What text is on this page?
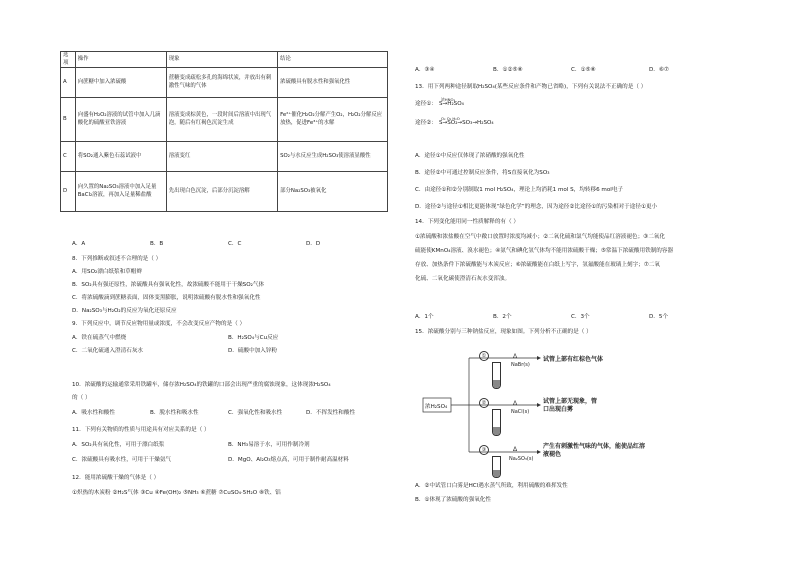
选项	操作	现象	结论
A	向蔗糖中加入浓硫酸	蔗糖变成疏松多孔的海绵状炭，并放出有刺激性气味的气体	浓硫酸具有脱水性和强氧化性
B	向盛有H₂O₂溶液的试管中加入几滴酸化的硫酸亚铁溶液	溶液变成棕黄色，一段时间后溶液中出现气泡，随后有红褐色沉淀生成	Fe²⁺催化H₂O₂分解产生O₂，H₂O₂分解反应放热，促进Fe³⁺的水解
C	将SO₂通入紫色石蕊试液中	溶液变红	SO₂与水反应生成H₂SO₃使溶液显酸性
D	向久置的Na₂SO₃溶液中加入足量BaCl₂溶液，再加入足量稀盐酸	先出现白色沉淀，后部分沉淀溶解	部分Na₂SO₃被氧化
A．A	B．B	C．C	D．D
8．下列推断或叙述不合理的是（ ）
A．用SO₂漂白纸浆和草帽辫
B．SO₂具有强还原性，浓硫酸具有强氧化性，故浓硫酸不能用于干燥SO₂气体
C．将浓硫酸滴到蔗糖表面，固体变黑膨胀，说明浓硫酸有脱水性和强氧化性
D．Na₂SO₃与H₂O₂的反应为氧化还原反应
9．下列反应中，调节反应物用量或浓度，不会改变反应产物的是（ ）
A．铁在硫蒸气中燃烧	B．H₂SO₄与Cu反应
C．二氧化硫通入澄清石灰水	D．硫酸中加入锌粉
10．浓硫酸的运输通常采用铁罐车，储存浓H₂SO₄的铁罐的口部会出现严重的腐蚀现象，这体现浓H₂SO₄
的（ ）
A．吸水性和酸性	B．脱水性和吸水性	C．强氧化性和吸水性	D．不挥发性和酸性
11．下列有关物质的性质与用途具有对应关系的是（ ）
A．SO₂具有氧化性，可用于漂白纸浆	B．NH₃易溶于水，可用作制冷剂
C．浓硫酸具有吸水性，可用于干燥氨气	D．MgO、Al₂O₃熔点高，可用于制作耐高温材料
12．能用浓硫酸干燥的气体是（ ）
①炽热的木炭粉 ②H₂S气体 ③Cu ④Fe(OH)₂ ⑤NH₃ ⑥蔗糖 ⑦CuSO₄·5H₂O ⑧铁、铝
A．③④	B．①②⑤⑧	C．①⑤⑧	D．⑥⑦
13．用下列两种途径制取H₂SO₄(某些反应条件和产物已省略)，下列有关说法不正确的是（ ）
途径①：
浓HNO₃
S→H₂SO₄
途径②：
O₂ O₂ H₂O
S→SO₂→SO₃→H₂SO₄
A．途径①中反应仅体现了浓硝酸的强氧化性
B．途径②中可通过控制反应条件，将S直接氧化为SO₃
C．由途径①和②分别制取1 mol H₂SO₄，理论上均消耗1 mol S，均转移6 mol电子
D．途径②与途径①相比更能体现“绿色化学”的理念，因为途径②比途径①的污染相对于途径①更小
14．下列变化能用同一性质解释的有（ ）
①浓硫酸和浓盐酸在空气中敞口放置时浓度均减小；②二氧化硫和氯气均能使品红溶液褪色；③二氧化
硫能使KMnO₄溶液、溴水褪色；④氨气和碘化氢气体均不能用浓硫酸干燥；⑤常温下浓硫酸用铁制的容器
存放、加热条件下浓硫酸能与木炭反应；⑥浓硫酸能在白纸上写字，氢氟酸能在玻璃上刻字；⑦二氧
化硫、二氧化碳使澄清石灰水变浑浊。
A．1个	B．2个	C．3个	D．5个
15．浓硫酸分别与三种钠盐反应，现象如图。下列分析不正确的是（ ）
A．②中试管口白雾是HCl遇水蒸气所致，利用硫酸的难挥发性
B．①体现了浓硫酸的强氧化性
浓H₂SO₄
①	Δ
NaBr(s)
试管上部有红棕色气体
②	Δ
NaCl(s)
试管上部无现象，管口出现白雾
③	Δ
Na₂SO₃(s)
产生有刺激性气味的气体，能使品红溶液褪色
